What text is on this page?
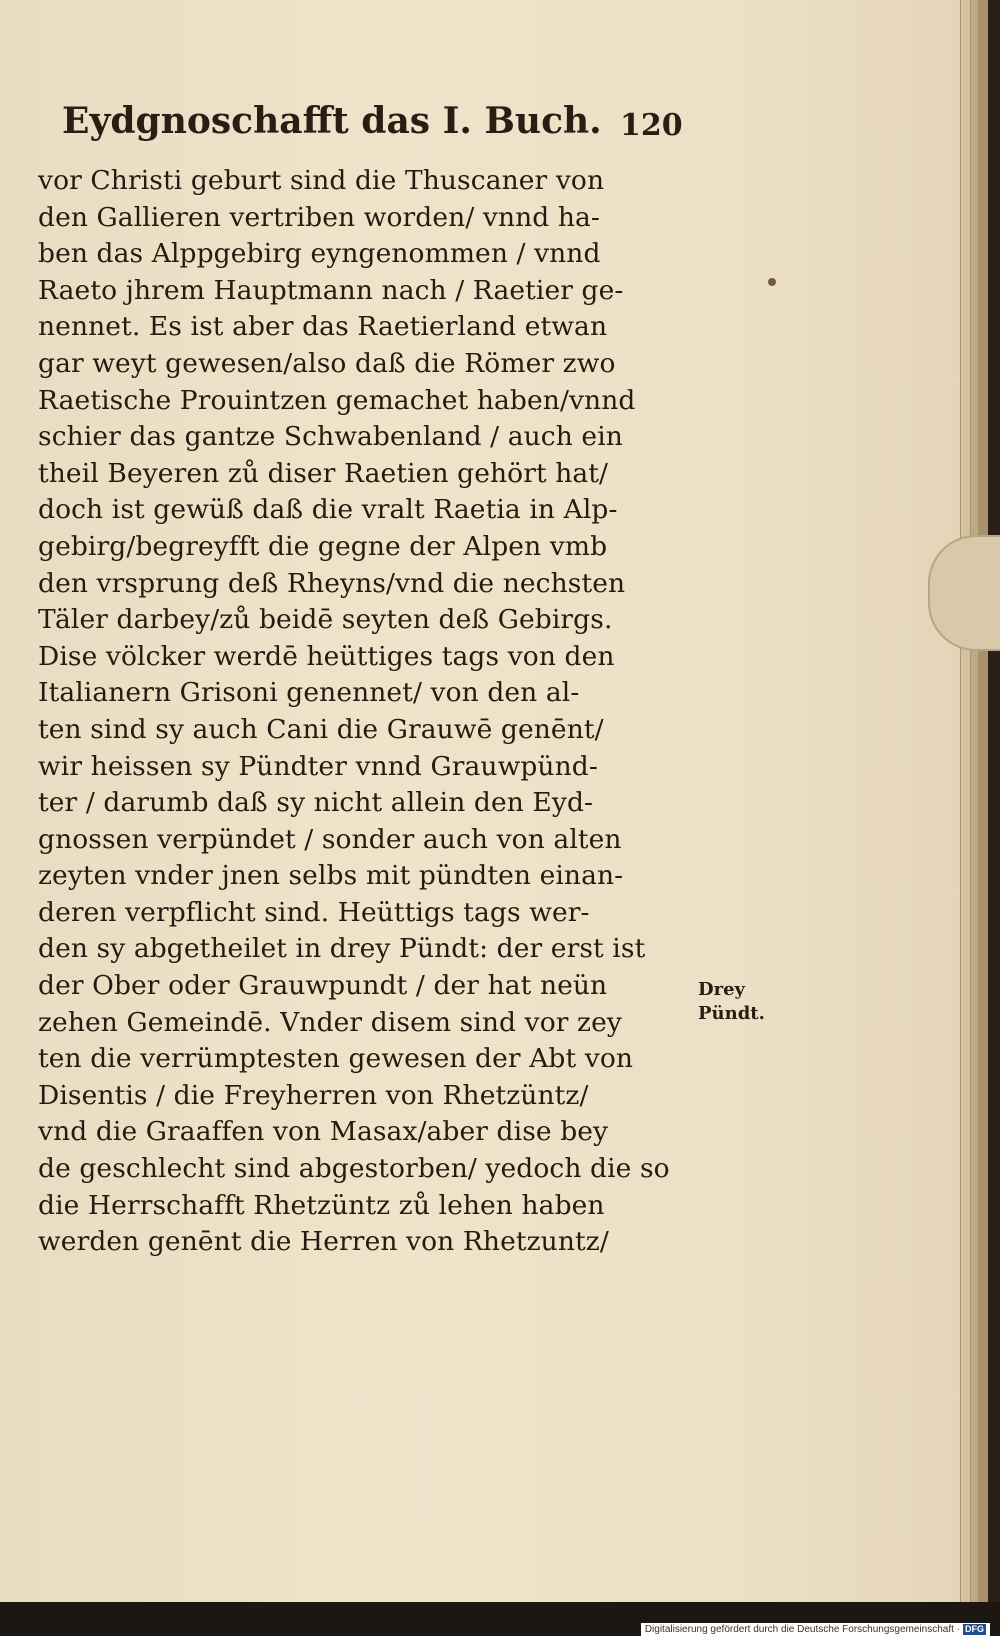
Eydgnoschafft das I. Buch. 120
vor Christi geburt sind die Thuscaner von
den Gallieren vertriben worden/ vnnd ha-
ben das Alppgebirg eyngenommen / vnnd
Raeto jhrem Hauptmann nach / Raetier ge-
nennet. Es ist aber das Raetierland etwan
gar weyt gewesen/also daß die Römer zwo
Raetische Prouintzen gemachet haben/vnnd
schier das gantze Schwabenland / auch ein
theil Beyeren zů diser Raetien gehört hat/
doch ist gewüß daß die vralt Raetia in Alp-
gebirg/begreyfft die gegne der Alpen vmb
den vrsprung deß Rheyns/vnd die nechsten
Täler darbey/zů beidē seyten deß Gebirgs.
Dise völcker werdē heüttiges tags von den
Italianern Grisoni genennet/ von den al-
ten sind sy auch Cani die Grauwē genēnt/
wir heissen sy Pündter vnnd Grauwpünd-
ter / darumb daß sy nicht allein den Eyd-
gnossen verpündet / sonder auch von alten
zeyten vnder jnen selbs mit pündten einan-
deren verpflicht sind. Heüttigs tags wer-
den sy abgetheilet in drey Pündt: der erst ist
der Ober oder Grauwpundt / der hat neün
zehen Gemeindē. Vnder disem sind vor zey
ten die verrümptesten gewesen der Abt von
Disentis / die Freyherren von Rhetzüntz/
vnd die Graaffen von Masax/aber dise bey
de geschlecht sind abgestorben/ yedoch die so
die Herrschafft Rhetzüntz zů lehen haben
werden genēnt die Herren von Rhetzuntz/
Drey
Pündt.
Digitalisierung gefördert durch die Deutsche Forschungsgemeinschaft · DFG
